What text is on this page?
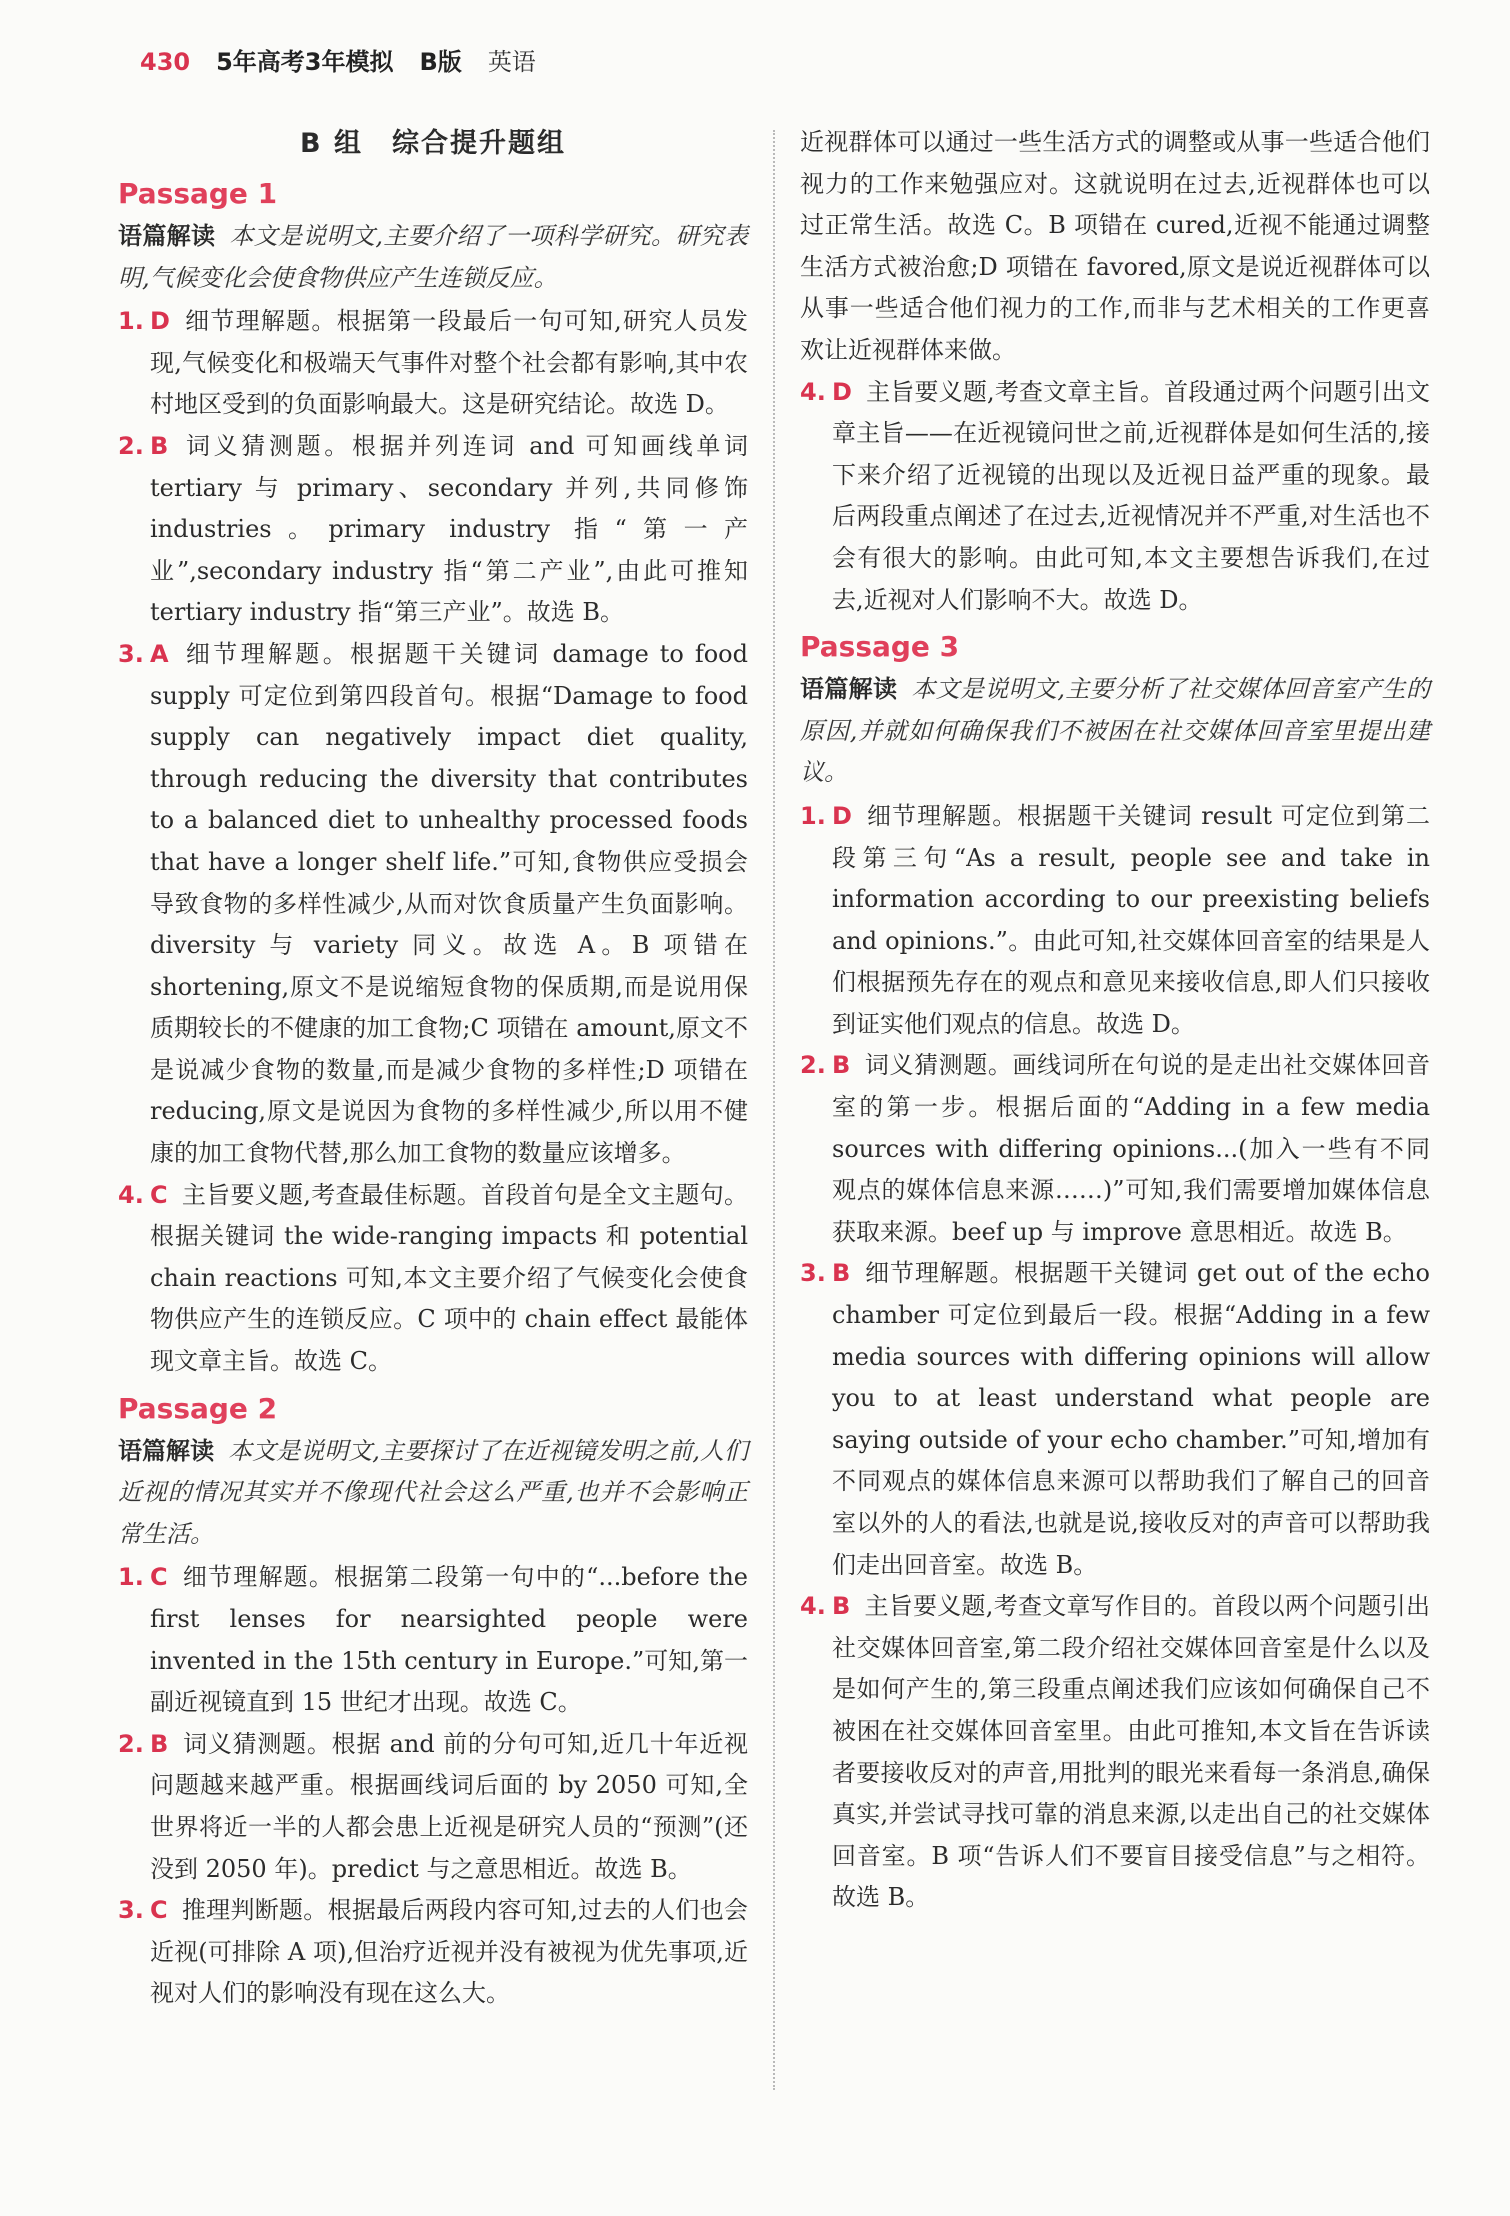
430 5年高考3年模拟 B版 英语
B 组　综合提升题组
Passage 1
语篇解读 本文是说明文,主要介绍了一项科学研究。研究表明,气候变化会使食物供应产生连锁反应。
1. D 细节理解题。根据第一段最后一句可知,研究人员发现,气候变化和极端天气事件对整个社会都有影响,其中农村地区受到的负面影响最大。这是研究结论。故选 D。
2. B 词义猜测题。根据并列连词 and 可知画线单词 tertiary 与 primary、secondary 并列,共同修饰 industries。primary industry 指“第一产业”,secondary industry 指“第二产业”,由此可推知 tertiary industry 指“第三产业”。故选 B。
3. A 细节理解题。根据题干关键词 damage to food supply 可定位到第四段首句。根据“Damage to food supply can negatively impact diet quality, through reducing the diversity that contributes to a balanced diet to unhealthy processed foods that have a longer shelf life.”可知,食物供应受损会导致食物的多样性减少,从而对饮食质量产生负面影响。diversity 与 variety 同义。故选 A。B 项错在 shortening,原文不是说缩短食物的保质期,而是说用保质期较长的不健康的加工食物;C 项错在 amount,原文不是说减少食物的数量,而是减少食物的多样性;D 项错在 reducing,原文是说因为食物的多样性减少,所以用不健康的加工食物代替,那么加工食物的数量应该增多。
4. C 主旨要义题,考查最佳标题。首段首句是全文主题句。根据关键词 the wide-ranging impacts 和 potential chain reactions 可知,本文主要介绍了气候变化会使食物供应产生的连锁反应。C 项中的 chain effect 最能体现文章主旨。故选 C。
Passage 2
语篇解读 本文是说明文,主要探讨了在近视镜发明之前,人们近视的情况其实并不像现代社会这么严重,也并不会影响正常生活。
1. C 细节理解题。根据第二段第一句中的“...before the first lenses for nearsighted people were invented in the 15th century in Europe.”可知,第一副近视镜直到 15 世纪才出现。故选 C。
2. B 词义猜测题。根据 and 前的分句可知,近几十年近视问题越来越严重。根据画线词后面的 by 2050 可知,全世界将近一半的人都会患上近视是研究人员的“预测”(还没到 2050 年)。predict 与之意思相近。故选 B。
3. C 推理判断题。根据最后两段内容可知,过去的人们也会近视(可排除 A 项),但治疗近视并没有被视为优先事项,近视对人们的影响没有现在这么大。
近视群体可以通过一些生活方式的调整或从事一些适合他们视力的工作来勉强应对。这就说明在过去,近视群体也可以过正常生活。故选 C。B 项错在 cured,近视不能通过调整生活方式被治愈;D 项错在 favored,原文是说近视群体可以从事一些适合他们视力的工作,而非与艺术相关的工作更喜欢让近视群体来做。
4. D 主旨要义题,考查文章主旨。首段通过两个问题引出文章主旨——在近视镜问世之前,近视群体是如何生活的,接下来介绍了近视镜的出现以及近视日益严重的现象。最后两段重点阐述了在过去,近视情况并不严重,对生活也不会有很大的影响。由此可知,本文主要想告诉我们,在过去,近视对人们影响不大。故选 D。
Passage 3
语篇解读 本文是说明文,主要分析了社交媒体回音室产生的原因,并就如何确保我们不被困在社交媒体回音室里提出建议。
1. D 细节理解题。根据题干关键词 result 可定位到第二段第三句“As a result, people see and take in information according to our preexisting beliefs and opinions.”。由此可知,社交媒体回音室的结果是人们根据预先存在的观点和意见来接收信息,即人们只接收到证实他们观点的信息。故选 D。
2. B 词义猜测题。画线词所在句说的是走出社交媒体回音室的第一步。根据后面的“Adding in a few media sources with differing opinions...(加入一些有不同观点的媒体信息来源……)”可知,我们需要增加媒体信息获取来源。beef up 与 improve 意思相近。故选 B。
3. B 细节理解题。根据题干关键词 get out of the echo chamber 可定位到最后一段。根据“Adding in a few media sources with differing opinions will allow you to at least understand what people are saying outside of your echo chamber.”可知,增加有不同观点的媒体信息来源可以帮助我们了解自己的回音室以外的人的看法,也就是说,接收反对的声音可以帮助我们走出回音室。故选 B。
4. B 主旨要义题,考查文章写作目的。首段以两个问题引出社交媒体回音室,第二段介绍社交媒体回音室是什么以及是如何产生的,第三段重点阐述我们应该如何确保自己不被困在社交媒体回音室里。由此可推知,本文旨在告诉读者要接收反对的声音,用批判的眼光来看每一条消息,确保真实,并尝试寻找可靠的消息来源,以走出自己的社交媒体回音室。B 项“告诉人们不要盲目接受信息”与之相符。故选 B。
